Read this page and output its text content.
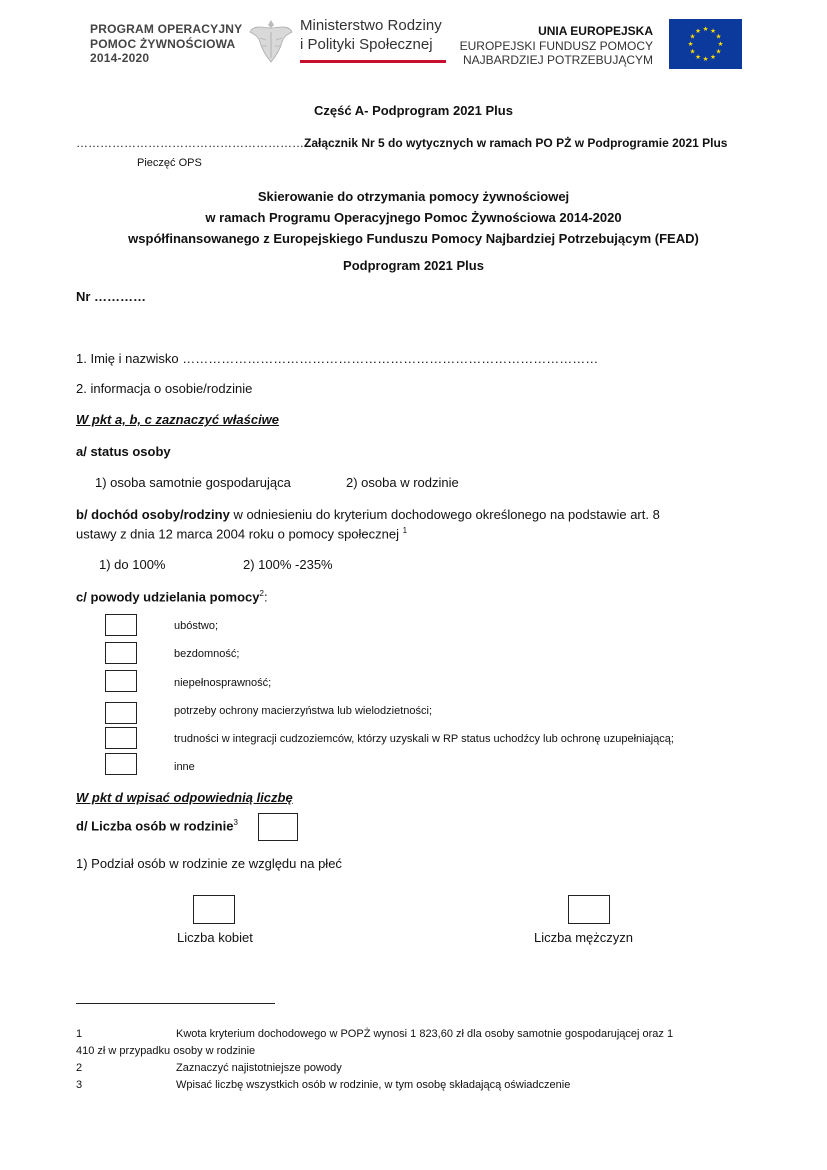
PROGRAM OPERACYJNY
POMOC ŻYWNOŚCIOWA
2014-2020
Ministerstwo Rodziny
i Polityki Społecznej
UNIA EUROPEJSKA
EUROPEJSKI FUNDUSZ POMOCY
NAJBARDZIEJ POTRZEBUJĄCYM
★ ★
★
★
★
★
★
★
★
★
★
★
Część A- Podprogram 2021 Plus
…………………………………………………Załącznik Nr 5 do wytycznych w ramach PO PŻ w Podprogramie 2021 Plus
Pieczęć OPS
Skierowanie do otrzymania pomocy żywnościowej
w ramach Programu Operacyjnego Pomoc Żywnościowa 2014-2020
współfinansowanego z Europejskiego Funduszu Pomocy Najbardziej Potrzebującym (FEAD)
Podprogram 2021 Plus
Nr …………
1. Imię i nazwisko ……………………………………………………………………………………
2. informacja o osobie/rodzinie
W pkt a, b, c zaznaczyć właściwe
a/ status osoby
1) osoba samotnie gospodarująca	2) osoba w rodzinie
b/ dochód osoby/rodziny w odniesieniu do kryterium dochodowego określonego na podstawie art. 8
ustawy z dnia 12 marca 2004 roku o pomocy społecznej $^1$
1) do 100%	2) 100% -235%
c/ powody udzielania pomocy$^2$:
ubóstwo;
bezdomność;
niepełnosprawność;
potrzeby ochrony macierzyństwa lub wielodzietności;
trudności w integracji cudzoziemców, którzy uzyskali w RP status uchodźcy lub ochronę uzupełniającą;
inne
W pkt d wpisać odpowiednią liczbę
d/ Liczba osób w rodzinie$^3$
1) Podział osób w rodzinie ze względu na płeć
Liczba kobiet	Liczba mężczyzn
1	Kwota kryterium dochodowego w POPŻ wynosi 1 823,60 zł dla osoby samotnie gospodarującej oraz 1
410 zł w przypadku osoby w rodzinie
2	Zaznaczyć najistotniejsze powody
3	Wpisać liczbę wszystkich osób w rodzinie, w tym osobę składającą oświadczenie
